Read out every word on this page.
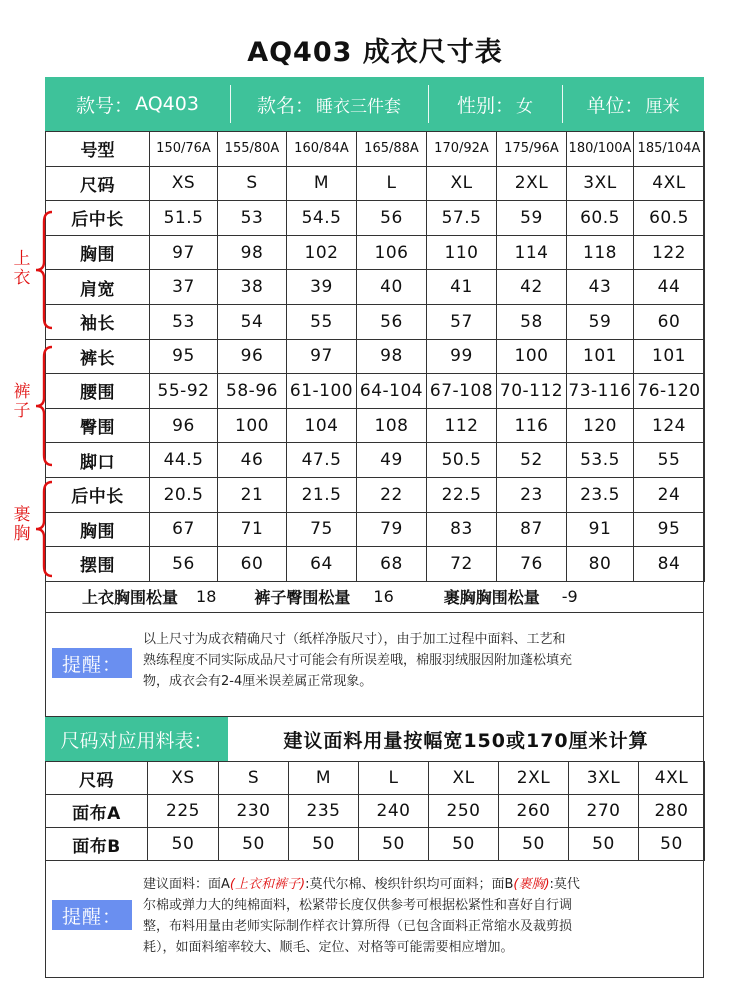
AQ403 成衣尺寸表
款号： AQ403	款名： 睡衣三件套	性别： 女	单位： 厘米
号型	150/76A	155/80A	160/84A	165/88A	170/92A	175/96A	180/100A	185/104A
尺码	XS	S	M	L	XL	2XL	3XL	4XL
后中长	51.5	53	54.5	56	57.5	59	60.5	60.5
胸围	97	98	102	106	110	114	118	122
肩宽	37	38	39	40	41	42	43	44
袖长	53	54	55	56	57	58	59	60
裤长	95	96	97	98	99	100	101	101
腰围	55-92	58-96	61-100	64-104	67-108	70-112	73-116	76-120
臀围	96	100	104	108	112	116	120	124
脚口	44.5	46	47.5	49	50.5	52	53.5	55
后中长	20.5	21	21.5	22	22.5	23	23.5	24
胸围	67	71	75	79	83	87	91	95
摆围	56	60	64	68	72	76	80	84
上
衣
裤
子
裹
胸
上衣胸围松量 18 裤子臀围松量 16	裹胸胸围松量 -9
提醒：
以上尺寸为成衣精确尺寸（纸样净版尺寸），由于加工过程中面料、工艺和
熟练程度不同实际成品尺寸可能会有所误差哦，棉服羽绒服因附加蓬松填充
物，成衣会有2-4厘米误差属正常现象。
尺码对应用料表：	建议面料用量按幅宽150或170厘米计算
尺码	XS	S	M	L	XL	2XL	3XL	4XL
面布A	225	230	235	240	250	260	270	280
面布B	50	50	50	50	50	50	50	50
提醒：
建议面料：面A(上衣和裤子):莫代尔棉、梭织针织均可面料；面B(裹胸):莫代
尔棉或弹力大的纯棉面料，松紧带长度仅供参考可根据松紧性和喜好自行调
整，布料用量由老师实际制作样衣计算所得（已包含面料正常缩水及裁剪损
耗），如面料缩率较大、顺毛、定位、对格等可能需要相应增加。
